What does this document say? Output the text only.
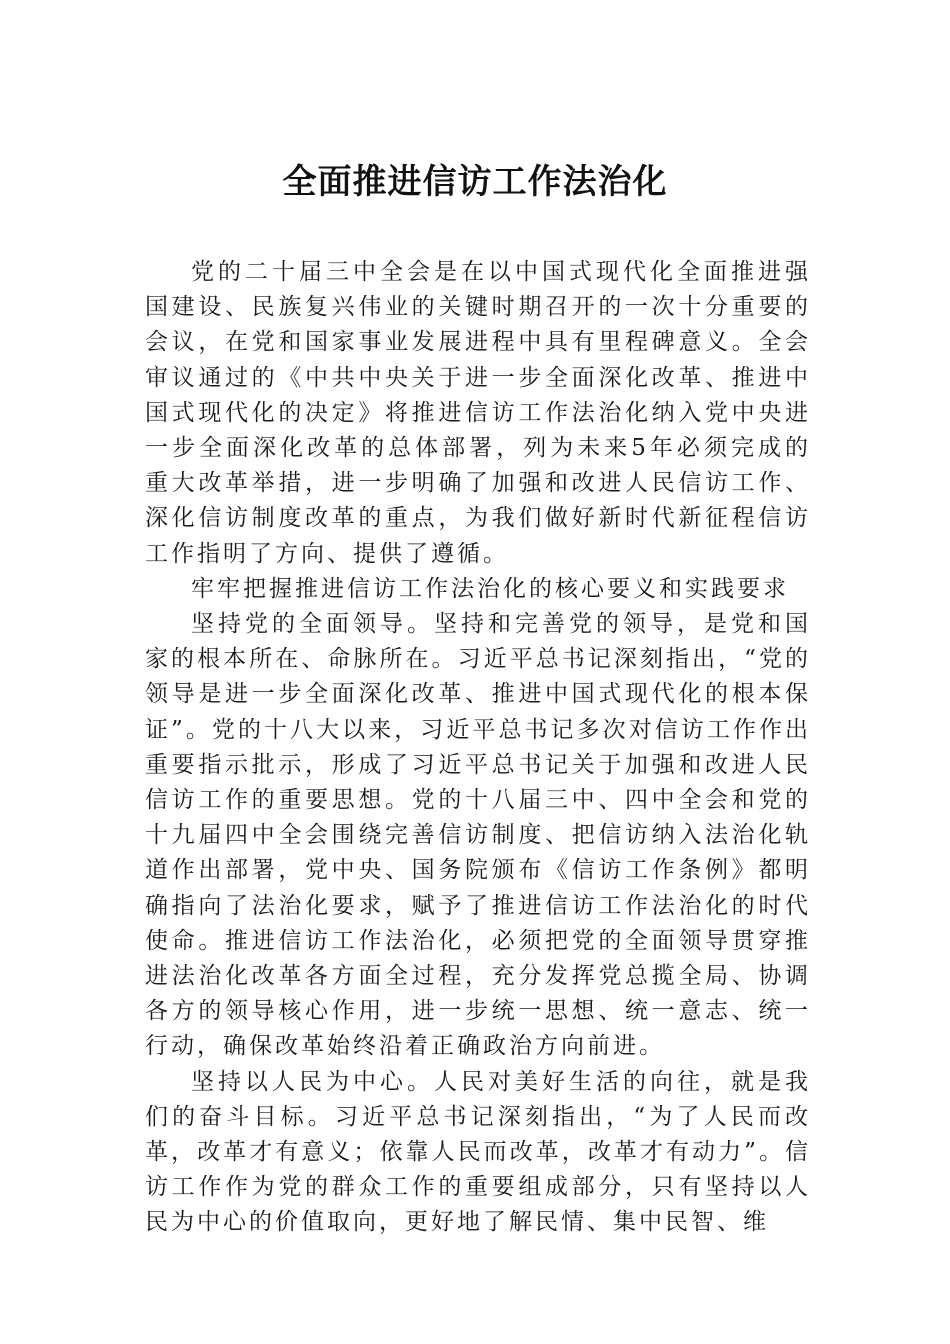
全面推进信访工作法治化

党的二十届三中全会是在以中国式现代化全面推进强国建设、民族复兴伟业的关键时期召开的一次十分重要的会议，在党和国家事业发展进程中具有里程碑意义。全会审议通过的《中共中央关于进一步全面深化改革、推进中国式现代化的决定》将推进信访工作法治化纳入党中央进一步全面深化改革的总体部署，列为未来5年必须完成的重大改革举措，进一步明确了加强和改进人民信访工作、深化信访制度改革的重点，为我们做好新时代新征程信访工作指明了方向、提供了遵循。

牢牢把握推进信访工作法治化的核心要义和实践要求

坚持党的全面领导。坚持和完善党的领导，是党和国家的根本所在、命脉所在。习近平总书记深刻指出，“党的领导是进一步全面深化改革、推进中国式现代化的根本保证”。党的十八大以来，习近平总书记多次对信访工作作出重要指示批示，形成了习近平总书记关于加强和改进人民信访工作的重要思想。党的十八届三中、四中全会和党的十九届四中全会围绕完善信访制度、把信访纳入法治化轨道作出部署，党中央、国务院颁布《信访工作条例》都明确指向了法治化要求，赋予了推进信访工作法治化的时代使命。推进信访工作法治化，必须把党的全面领导贯穿推进法治化改革各方面全过程，充分发挥党总揽全局、协调各方的领导核心作用，进一步统一思想、统一意志、统一行动，确保改革始终沿着正确政治方向前进。

坚持以人民为中心。人民对美好生活的向往，就是我们的奋斗目标。习近平总书记深刻指出，“为了人民而改革，改革才有意义；依靠人民而改革，改革才有动力”。信访工作作为党的群众工作的重要组成部分，只有坚持以人民为中心的价值取向，更好地了解民情、集中民智、维
